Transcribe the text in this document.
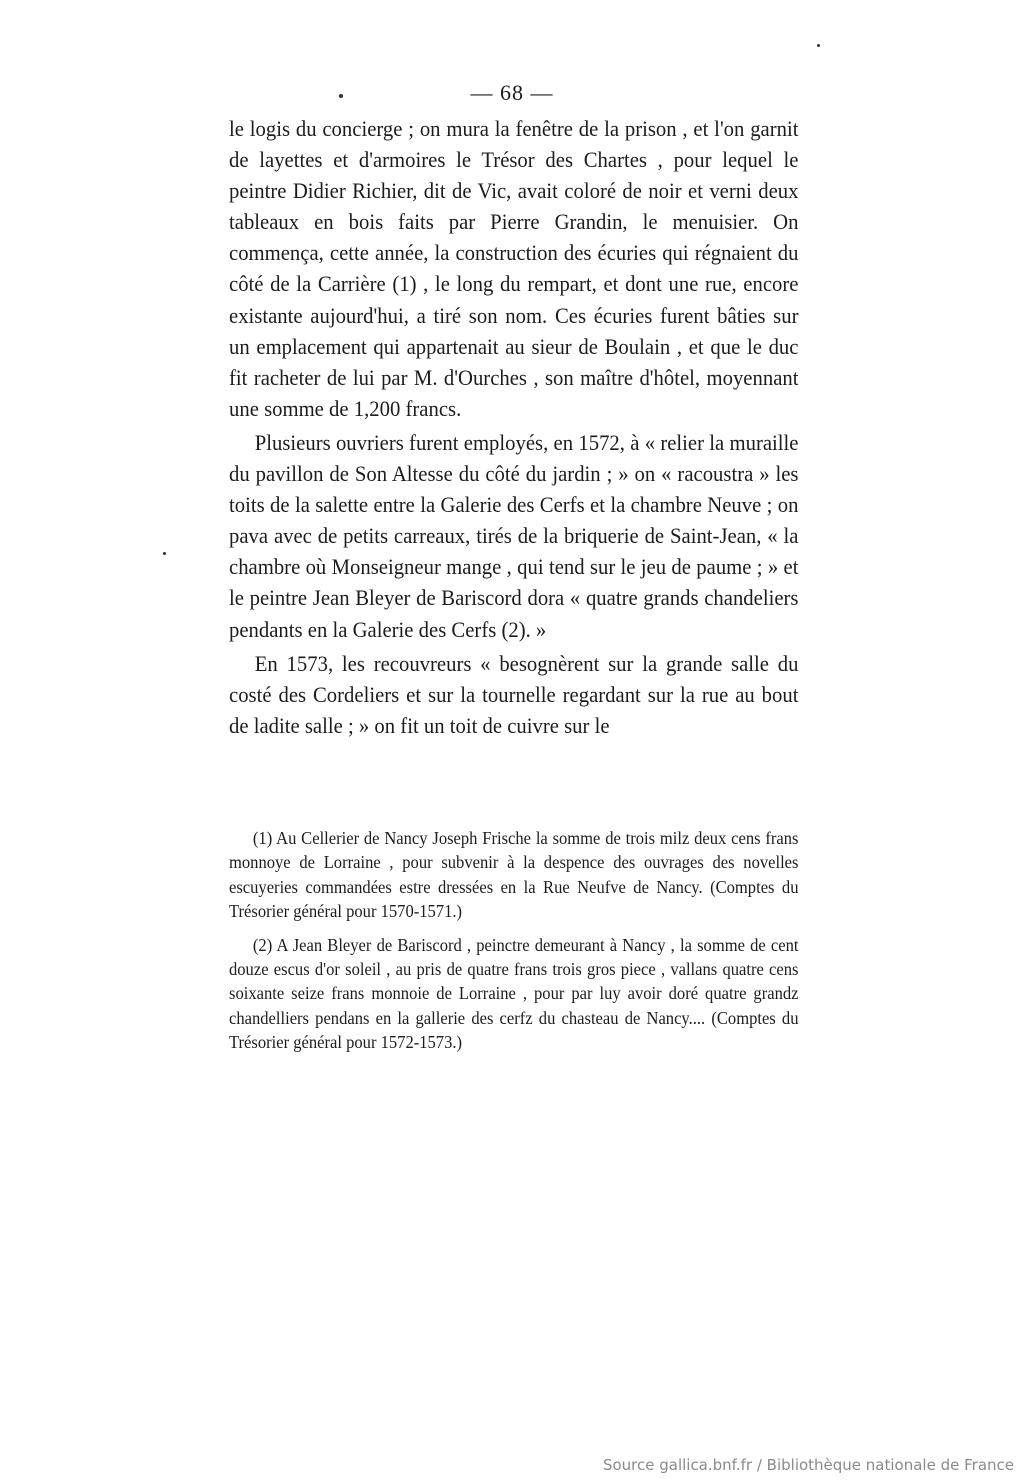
— 68 —

le logis du concierge ; on mura la fenêtre de la prison , et l'on garnit de layettes et d'armoires le Trésor des Chartes , pour lequel le peintre Didier Richier, dit de Vic, avait coloré de noir et verni deux tableaux en bois faits par Pierre Grandin, le menuisier. On commença, cette année, la construction des écuries qui régnaient du côté de la Carrière (1) , le long du rempart, et dont une rue, encore existante aujourd'hui, a tiré son nom. Ces écuries furent bâties sur un emplacement qui appartenait au sieur de Boulain , et que le duc fit racheter de lui par M. d'Ourches , son maître d'hôtel, moyennant une somme de 1,200 francs.

Plusieurs ouvriers furent employés, en 1572, à « relier la muraille du pavillon de Son Altesse du côté du jardin ; » on « racoustra » les toits de la salette entre la Galerie des Cerfs et la chambre Neuve ; on pava avec de petits carreaux, tirés de la briquerie de Saint-Jean, « la chambre où Monseigneur mange , qui tend sur le jeu de paume ; » et le peintre Jean Bleyer de Bariscord dora « quatre grands chandeliers pendants en la Galerie des Cerfs (2). »

En 1573, les recouvreurs « besognèrent sur la grande salle du costé des Cordeliers et sur la tournelle regardant sur la rue au bout de ladite salle ; » on fit un toit de cuivre sur le

(1) Au Cellerier de Nancy Joseph Frische la somme de trois milz deux cens frans monnoye de Lorraine , pour subvenir à la despence des ouvrages des novelles escuyeries commandées estre dressées en la Rue Neufve de Nancy. (Comptes du Trésorier général pour 1570-1571.)

(2) A Jean Bleyer de Bariscord , peinctre demeurant à Nancy , la somme de cent douze escus d'or soleil , au pris de quatre frans trois gros piece , vallans quatre cens soixante seize frans monnoie de Lorraine , pour par luy avoir doré quatre grandz chandelliers pendans en la gallerie des cerfz du chasteau de Nancy.... (Comptes du Trésorier général pour 1572-1573.)

Source gallica.bnf.fr / Bibliothèque nationale de France
